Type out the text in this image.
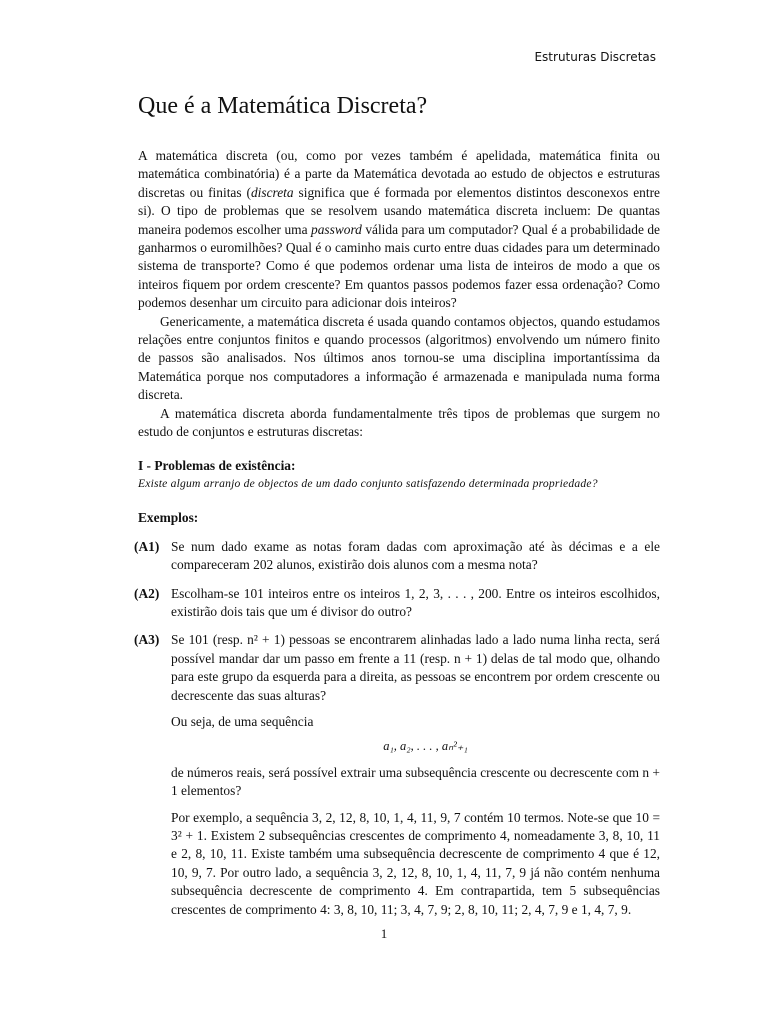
Estruturas Discretas
Que é a Matemática Discreta?

A matemática discreta (ou, como por vezes também é apelidada, matemática finita ou matemática combinatória) é a parte da Matemática devotada ao estudo de objectos e estruturas discretas ou finitas (discreta significa que é formada por elementos distintos desconexos entre si). O tipo de problemas que se resolvem usando matemática discreta incluem: De quantas maneira podemos escolher uma password válida para um computador? Qual é a probabilidade de ganharmos o euromilhões? Qual é o caminho mais curto entre duas cidades para um determinado sistema de transporte? Como é que podemos ordenar uma lista de inteiros de modo a que os inteiros fiquem por ordem crescente? Em quantos passos podemos fazer essa ordenação? Como podemos desenhar um circuito para adicionar dois inteiros?

Genericamente, a matemática discreta é usada quando contamos objectos, quando estudamos relações entre conjuntos finitos e quando processos (algoritmos) envolvendo um número finito de passos são analisados. Nos últimos anos tornou-se uma disciplina importantíssima da Matemática porque nos computadores a informação é armazenada e manipulada numa forma discreta.

A matemática discreta aborda fundamentalmente três tipos de problemas que surgem no estudo de conjuntos e estruturas discretas:

I - Problemas de existência:

Existe algum arranjo de objectos de um dado conjunto satisfazendo determinada propriedade?

Exemplos:

(A1) Se num dado exame as notas foram dadas com aproximação até às décimas e a ele compareceram 202 alunos, existirão dois alunos com a mesma nota?

(A2) Escolham-se 101 inteiros entre os inteiros 1, 2, 3, . . . , 200. Entre os inteiros escolhidos, existirão dois tais que um é divisor do outro?

(A3) Se 101 (resp. n² + 1) pessoas se encontrarem alinhadas lado a lado numa linha recta, será possível mandar dar um passo em frente a 11 (resp. n + 1) delas de tal modo que, olhando para este grupo da esquerda para a direita, as pessoas se encontrem por ordem crescente ou decrescente das suas alturas?

Ou seja, de uma sequência

a₁, a₂, . . . , aₙ²₊₁

de números reais, será possível extrair uma subsequência crescente ou decrescente com n + 1 elementos?

Por exemplo, a sequência 3, 2, 12, 8, 10, 1, 4, 11, 9, 7 contém 10 termos. Note-se que 10 = 3² + 1. Existem 2 subsequências crescentes de comprimento 4, nomeadamente 3, 8, 10, 11 e 2, 8, 10, 11. Existe também uma subsequência decrescente de comprimento 4 que é 12, 10, 9, 7. Por outro lado, a sequência 3, 2, 12, 8, 10, 1, 4, 11, 7, 9 já não contém nenhuma subsequência decrescente de comprimento 4. Em contrapartida, tem 5 subsequências crescentes de comprimento 4: 3, 8, 10, 11; 3, 4, 7, 9; 2, 8, 10, 11; 2, 4, 7, 9 e 1, 4, 7, 9.

1
